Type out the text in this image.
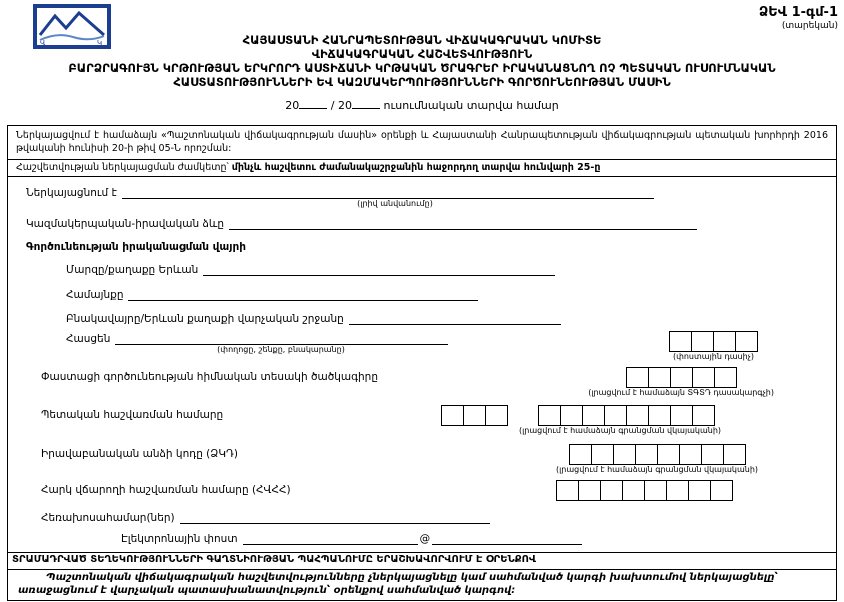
Վ	Կ
ՁԵՎ 1-գմ-1
(տարեկան)
ՀԱՅԱՍՏԱՆԻ ՀԱՆՐԱՊԵՏՈՒԹՅԱՆ ՎԻՃԱԿԱԳՐԱԿԱՆ ԿՈՄԻՏԵ
ՎԻՃԱԿԱԳՐԱԿԱՆ ՀԱՇՎԵՏՎՈՒԹՅՈՒՆ
ԲԱՐՁՐԱԳՈՒՅՆ ԿՐԹՈՒԹՅԱՆ ԵՐԿՐՈՐԴ ԱՍՏԻՃԱՆԻ ԿՐԹԱԿԱՆ ԾՐԱԳՐԵՐ ԻՐԱԿԱՆԱՑՆՈՂ ՈՉ ՊԵՏԱԿԱՆ ՈՒՍՈՒՄՆԱԿԱՆ
ՀԱՍՏԱՏՈՒԹՅՈՒՆՆԵՐԻ ԵՎ ԿԱԶՄԱԿԵՐՊՈՒԹՅՈՒՆՆԵՐԻ ԳՈՐԾՈՒՆԵՈՒԹՅԱՆ ՄԱՍԻՆ
20	/ 20	ուսումնական տարվա համար
Ներկայացվում է համաձայն «Պաշտոնական վիճակագրության մասին» օրենքի և Հայաստանի Հանրապետության վիճակագրության պետական խորհրդի 2016 թվականի հունիսի 20-ի թիվ 05-Ն որոշման:
Հաշվետվության ներկայացման ժամկետը՝ մինչև հաշվետու ժամանակաշրջանին հաջորդող տարվա հունվարի 25-ը
Ներկայացնում է
(լրիվ անվանումը)
Կազմակերպական-իրավական ձևը
Գործունեության իրականացման վայրի
Մարզը/քաղաքը Երևան
Համայնքը
Բնակավայրը/Երևան քաղաքի վարչական շրջանը
Հասցեն
(փողոցը, շենքը, բնակարանը)
(փոստային դասիչ)
Փաստացի գործունեության հիմնական տեսակի ծածկագիրը
(լրացվում է համաձայն ՏԳՏԴ դասակարգչի)
Պետական հաշվառման համարը
(լրացվում է համաձայն գրանցման վկայականի)
Իրավաբանական անձի կոդը (ՁԿԴ)
(լրացվում է համաձայն գրանցման վկայականի)
Հարկ վճարողի հաշվառման համարը (ՀՎՀՀ)
Հեռախոսահամար(ներ)
Էլեկտրոնային փոստ	@
ՏՐԱՄԱԴՐՎԱԾ ՏԵՂԵԿՈՒԹՅՈՒՆՆԵՐԻ ԳԱՂՏՆԻՈՒԹՅԱՆ ՊԱՀՊԱՆՈՒՄԸ ԵՐԱՇԽԱՎՈՐՎՈՒՄ Է ՕՐԵՆՔՈՎ
Պաշտոնական վիճակագրական հաշվետվությունները չներկայացնելը կամ սահմանված կարգի խախտումով ներկայացնելը՝ առաջացնում է վարչական պատասխանատվություն՝ օրենքով սահմանված կարգով:
